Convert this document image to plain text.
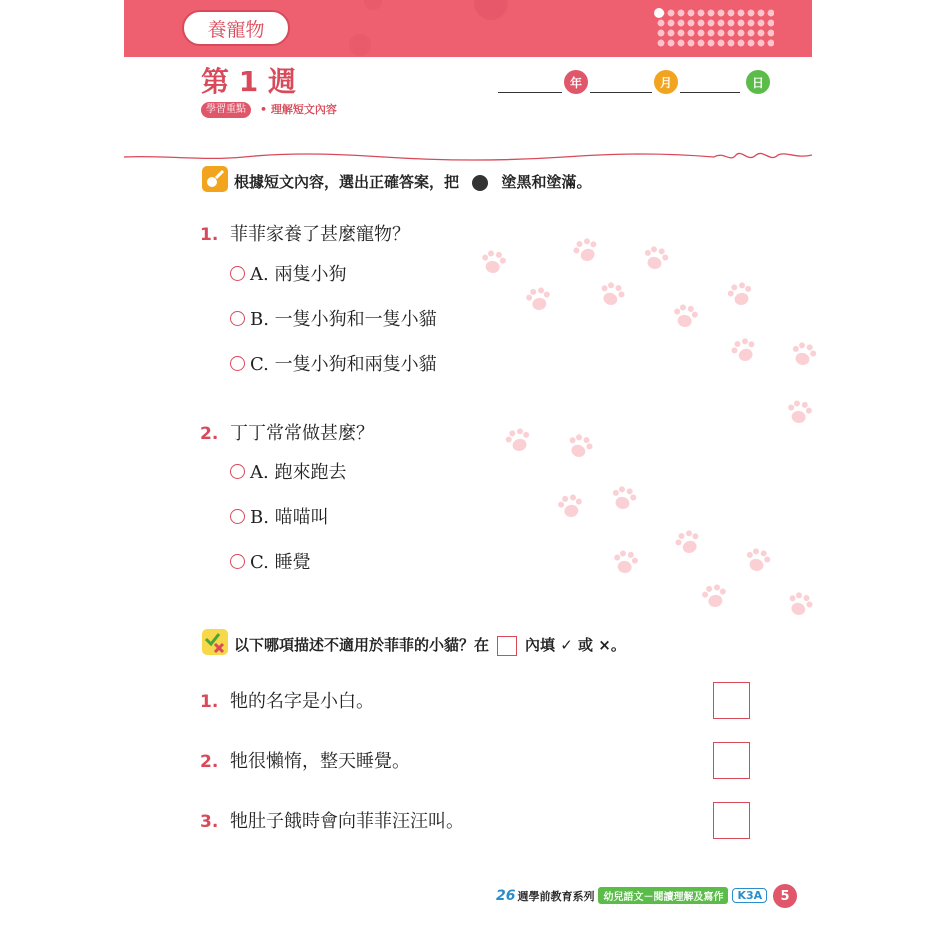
養寵物
第 1 週
學習重點	• 理解短文內容
年	月	日
根據短文內容，選出正確答案，把	塗黑和塗滿。
1. 菲菲家養了甚麼寵物？
A. 兩隻小狗
B. 一隻小狗和一隻小貓
C. 一隻小狗和兩隻小貓
2. 丁丁常常做甚麼？
A. 跑來跑去
B. 喵喵叫
C. 睡覺
以下哪項描述不適用於菲菲的小貓？在 內填 ✓ 或 ×。
1. 牠的名字是小白。
2. 牠很懶惰，整天睡覺。
3. 牠肚子餓時會向菲菲汪汪叫。
26 週學前教育系列 幼兒語文－閱讀理解及寫作	K3A	5
